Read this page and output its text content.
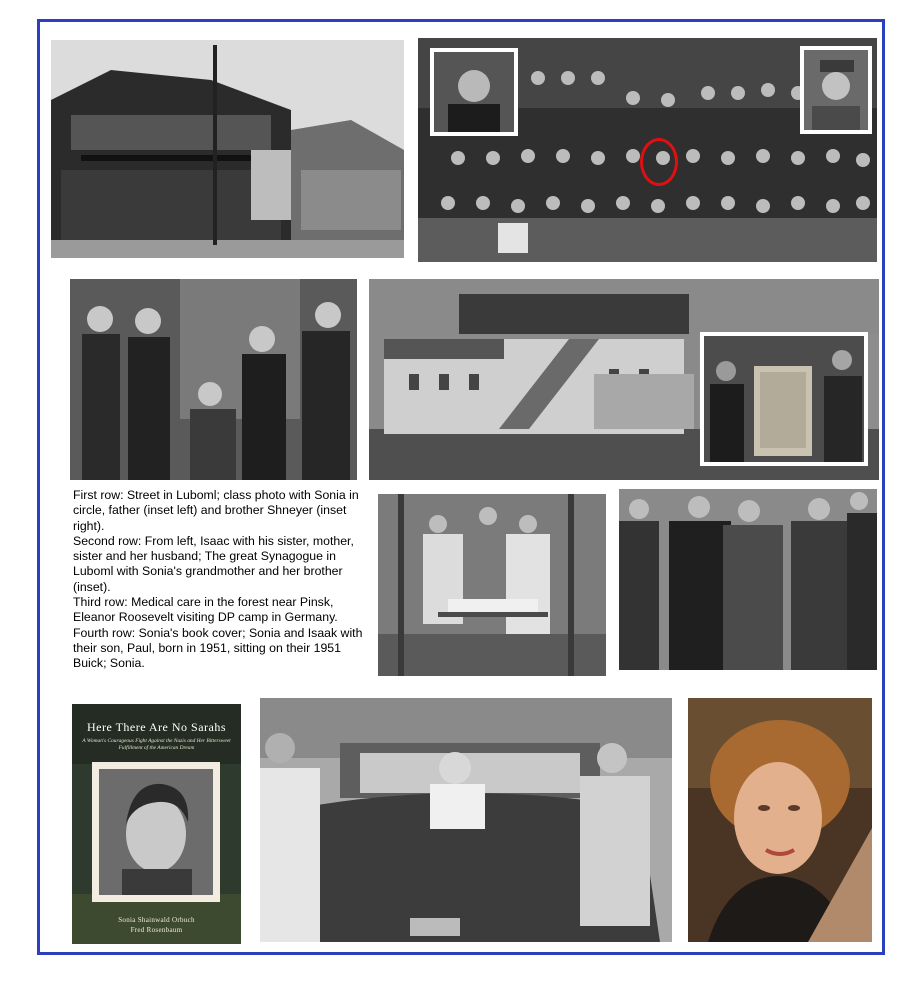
First row: Street in Luboml; class photo with Sonia in circle, father (inset left) and brother Shneyer (inset right).

Second row: From left, Isaac with his sister, mother, sister and her husband; The great Synagogue in Luboml with Sonia's grandmother and her brother (inset).

Third row: Medical care in the forest near Pinsk, Eleanor Roosevelt visiting DP camp in Germany.

Fourth row: Sonia's book cover; Sonia and Isaak with their son, Paul, born in 1951, sitting on their 1951 Buick; Sonia.

Here There Are No Sarahs
A Woman's Courageous Fight Against the Nazis and Her Bittersweet Fulfillment of the American Dream
Sonia Shainwald Orbuch
Fred Rosenbaum
